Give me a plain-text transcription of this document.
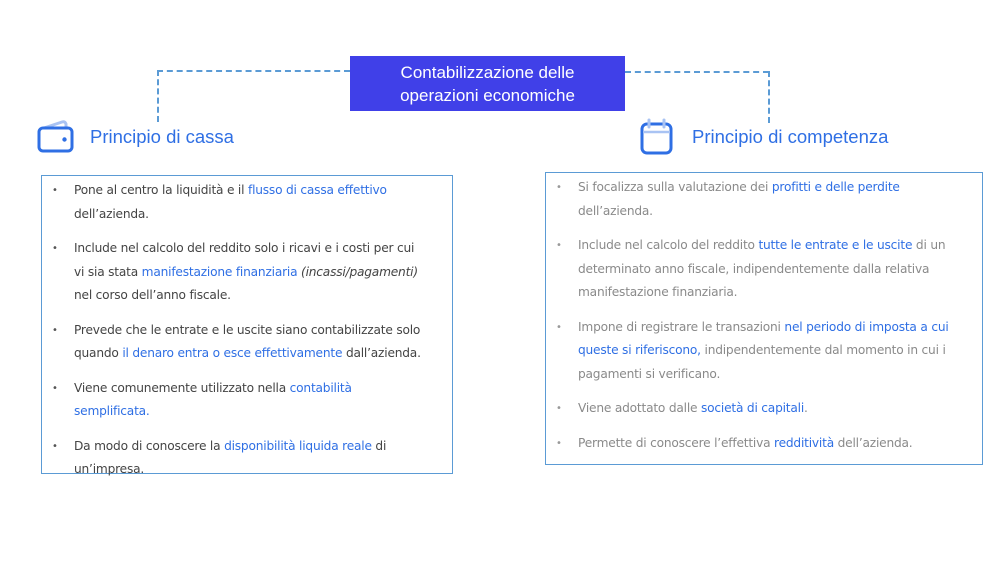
Contabilizzazione delle
operazioni economiche
Principio di cassa	Principio di competenza
• Pone al centro la liquidità e il flusso di cassa effettivo dell’azienda.
• Include nel calcolo del reddito solo i ricavi e i costi per cui vi sia stata manifestazione finanziaria (incassi/pagamenti) nel corso dell’anno fiscale.
• Prevede che le entrate e le uscite siano contabilizzate solo quando il denaro entra o esce effettivamente dall’azienda.
• Viene comunemente utilizzato nella contabilità semplificata.
• Da modo di conoscere la disponibilità liquida reale di un’impresa.
• Si focalizza sulla valutazione dei profitti e delle perdite dell’azienda.
• Include nel calcolo del reddito tutte le entrate e le uscite di un determinato anno fiscale, indipendentemente dalla relativa manifestazione finanziaria.
• Impone di registrare le transazioni nel periodo di imposta a cui queste si riferiscono, indipendentemente dal momento in cui i pagamenti si verificano.
• Viene adottato dalle società di capitali.
• Permette di conoscere l’effettiva redditività dell’azienda.
